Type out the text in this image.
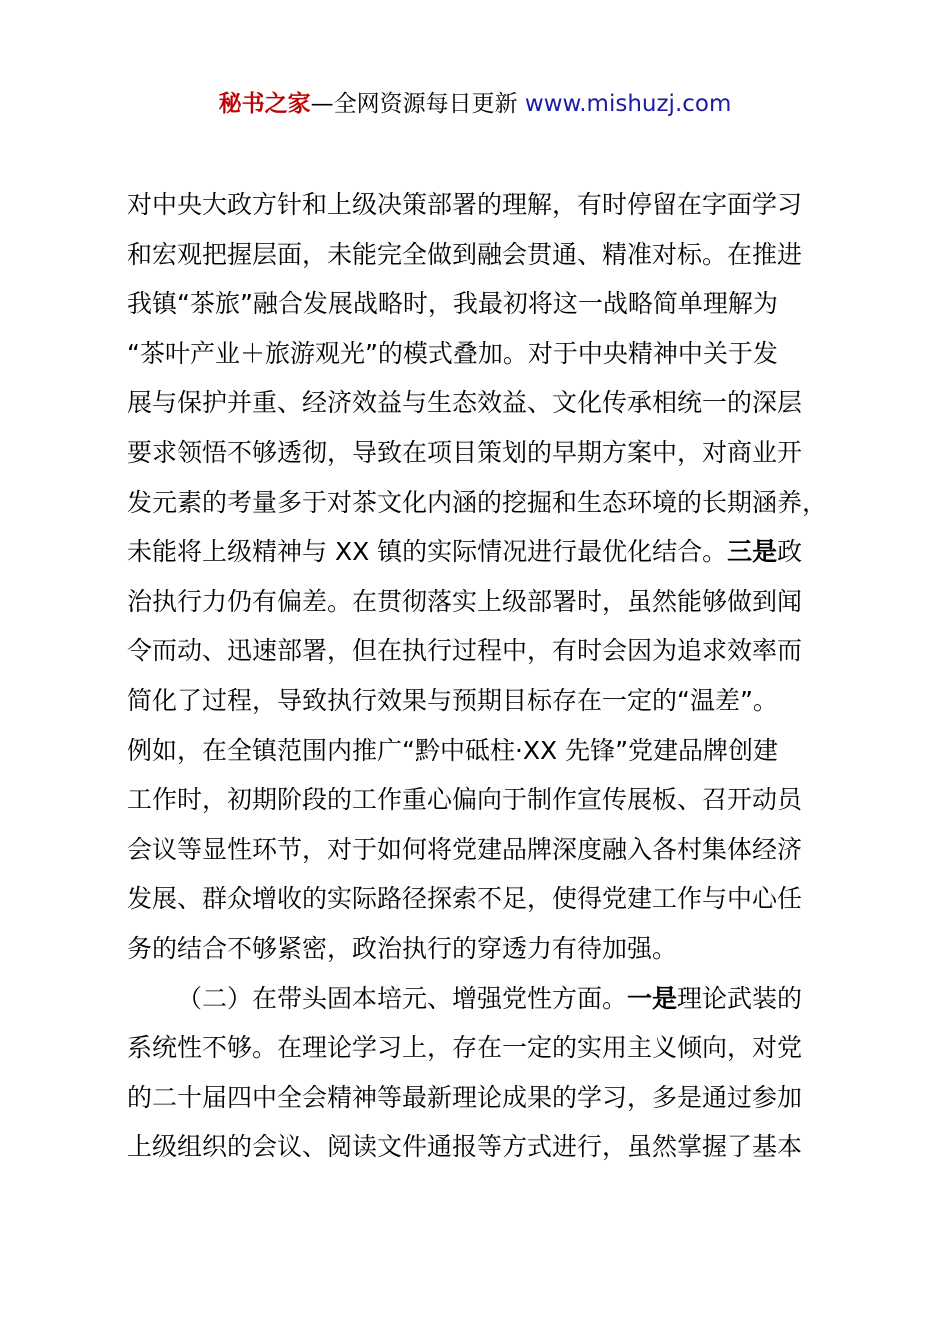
秘书之家—全网资源每日更新 www.mishuzj.com
对中央大政方针和上级决策部署的理解，有时停留在字面学习
和宏观把握层面，未能完全做到融会贯通、精准对标。在推进
我镇“茶旅”融合发展战略时，我最初将这一战略简单理解为
“茶叶产业＋旅游观光”的模式叠加。对于中央精神中关于发
展与保护并重、经济效益与生态效益、文化传承相统一的深层
要求领悟不够透彻，导致在项目策划的早期方案中，对商业开
发元素的考量多于对茶文化内涵的挖掘和生态环境的长期涵养，
未能将上级精神与 XX 镇的实际情况进行最优化结合。三是政
治执行力仍有偏差。在贯彻落实上级部署时，虽然能够做到闻
令而动、迅速部署，但在执行过程中，有时会因为追求效率而
简化了过程，导致执行效果与预期目标存在一定的“温差”。
例如，在全镇范围内推广“黔中砥柱·XX 先锋”党建品牌创建
工作时，初期阶段的工作重心偏向于制作宣传展板、召开动员
会议等显性环节，对于如何将党建品牌深度融入各村集体经济
发展、群众增收的实际路径探索不足，使得党建工作与中心任
务的结合不够紧密，政治执行的穿透力有待加强。
（二）在带头固本培元、增强党性方面。一是理论武装的
系统性不够。在理论学习上，存在一定的实用主义倾向，对党
的二十届四中全会精神等最新理论成果的学习，多是通过参加
上级组织的会议、阅读文件通报等方式进行，虽然掌握了基本
